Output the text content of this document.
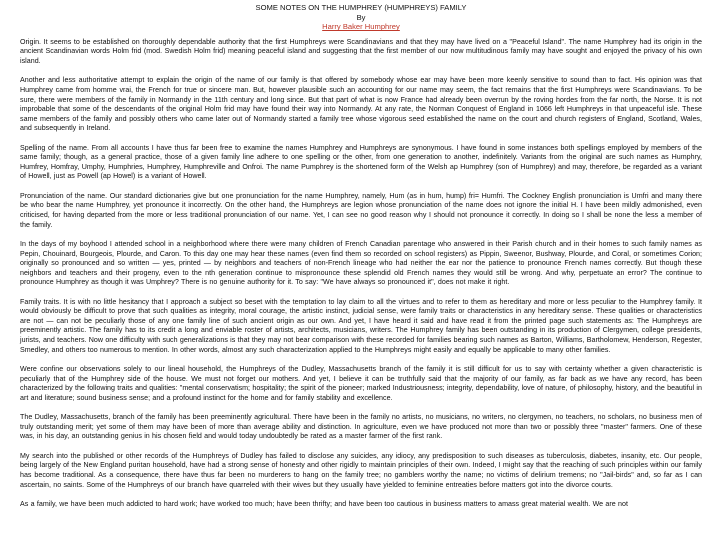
SOME NOTES ON THE HUMPHREY (HUMPHREYS) FAMILY
By
Harry Baker Humphrey

Origin. It seems to be established on thoroughly dependable authority that the first Humphreys were Scandinavians and that they may have lived on a "Peaceful Island". The name Humphrey had its origin in the ancient Scandinavian words Holm frid (mod. Swedish Holm frid) meaning peaceful island and suggesting that the first member of our now multitudinous family may have sought and enjoyed the privacy of his own island.

Another and less authoritative attempt to explain the origin of the name of our family is that offered by somebody whose ear may have been more keenly sensitive to sound than to fact. His opinion was that Humphrey came from homme vrai, the French for true or sincere man. But, however plausible such an accounting for our name may seem, the fact remains that the first Humphreys were Scandinavians. To be sure, there were members of the family in Normandy in the 11th century and long since. But that part of what is now France had already been overrun by the roving hordes from the far north, the Norse. It is not improbable that some of the descendants of the original Holm frid may have found their way into Normandy. At any rate, the Norman Conquest of England in 1066 left Humphreys in that unpeaceful isle. These same members of the family and possibly others who came later out of Normandy started a family tree whose vigorous seed established the name on the court and church registers of England, Scotland, Wales, and subsequently in Ireland.

Spelling of the name. From all accounts I have thus far been free to examine the names Humphrey and Humphreys are synonymous. I have found in some instances both spellings employed by members of the same family; though, as a general practice, those of a given family line adhere to one spelling or the other, from one generation to another, indefinitely. Variants from the original are such names as Humphry, Humfrey, Homfray, Umphy, Humphries, Humphrey, Humphreville and Onfroi. The name Pumphrey is the shortened form of the Welsh ap Humphrey (son of Humphrey) and may, therefore, be regarded as a variant of Howell, just as Powell (ap Howel) is a variant of Howell.

Pronunciation of the name. Our standard dictionaries give but one pronunciation for the name Humphrey, namely, Hum (as in hum, hump) fri= Humfri. The Cockney English pronunciation is Umfri and many there be who bear the name Humphrey, yet pronounce it incorrectly. On the other hand, the Humphreys are legion whose pronunciation of the name does not ignore the initial H. I have been mildly admonished, even criticised, for having departed from the more or less traditional pronunciation of our name. Yet, I can see no good reason why I should not pronounce it correctly. In doing so I shall be none the less a member of the family.

In the days of my boyhood I attended school in a neighborhood where there were many children of French Canadian parentage who answered in their Parish church and in their homes to such family names as Pepin, Chouinard, Bourgeois, Plourde, and Caron. To this day one may hear these names (even find them so recorded on school registers) as Pippin, Sweenor, Bushway, Plourde, and Coral, or sometimes Corion; originally so pronounced and so written — yes, printed — by neighbors and teachers of non-French lineage who had neither the ear nor the patience to pronounce French names correctly. But though these neighbors and teachers and their progeny, even to the nth generation continue to mispronounce these splendid old French names they would still be wrong. And why, perpetuate an error? The continue to pronounce Humphrey as though it was Umphrey? There is no genuine authority for it. To say: "We have always so pronounced it", does not make it right.

Family traits. It is with no little hesitancy that I approach a subject so beset with the temptation to lay claim to all the virtues and to refer to them as hereditary and more or less peculiar to the Humphrey family. It would obviously be difficult to prove that such qualities as integrity, moral courage, the artistic instinct, judicial sense, were family traits or characteristics in any hereditary sense. These qualities or characteristics are not — can not be peculiarly those of any one family line of such ancient origin as our own. And yet, I have heard it said and have read it from the printed page such statements as: The Humphreys are preeminently artistic. The family has to its credit a long and enviable roster of artists, architects, musicians, writers. The Humphrey family has been outstanding in its production of Clergymen, college presidents, jurists, and teachers. Now one difficulty with such generalizations is that they may not bear comparison with these recorded for families bearing such names as Barton, Williams, Bartholomew, Henderson, Regester, Smedley, and others too numerous to mention. In other words, almost any such characterization applied to the Humphreys might easily and equally be applicable to many other families.

Were confine our observations solely to our lineal household, the Humphreys of the Dudley, Massachusetts branch of the family it is still difficult for us to say with certainty whether a given characteristic is peculiarly that of the Humphrey side of the house. We must not forget our mothers. And yet, I believe it can be truthfully said that the majority of our family, as far back as we have any record, has been characterized by the following traits and qualities: "mental conservatism; hospitality; the spirit of the pioneer; marked Industriousness; integrity, dependability, love of nature, of philosophy, history, and the beautiful in art and literature; sound business sense; and a profound instinct for the home and for family stability and excellence.

The Dudley, Massachusetts, branch of the family has been preeminently agricultural. There have been in the family no artists, no musicians, no writers, no clergymen, no teachers, no scholars, no business men of truly outstanding merit; yet some of them may have been of more than average ability and distinction. In agriculture, even we have produced not more than two or possibly three "master" farmers. One of these was, in his day, an outstanding genius in his chosen field and would today undoubtedly be rated as a master farmer of the first rank.

My search into the published or other records of the Humphreys of Dudley has failed to disclose any suicides, any idiocy, any predisposition to such diseases as tuberculosis, diabetes, insanity, etc. Our people, being largely of the New England puritan household, have had a strong sense of honesty and other rigidly to maintain principles of their own. Indeed, I might say that the reaching of such principles within our family has become traditional. As a consequence, there have thus far been no murderers to hang on the family tree; no gamblers worthy the name; no victims of delirium tremens; no "Jail-birds" and, so far as I can ascertain, no saints. Some of the Humphreys of our branch have quarreled with their wives but they usually have yielded to feminine entreaties before matters got into the divorce courts.

As a family, we have been much addicted to hard work; have worked too much; have been thrifty; and have been too cautious in business matters to amass great material wealth. We are not
